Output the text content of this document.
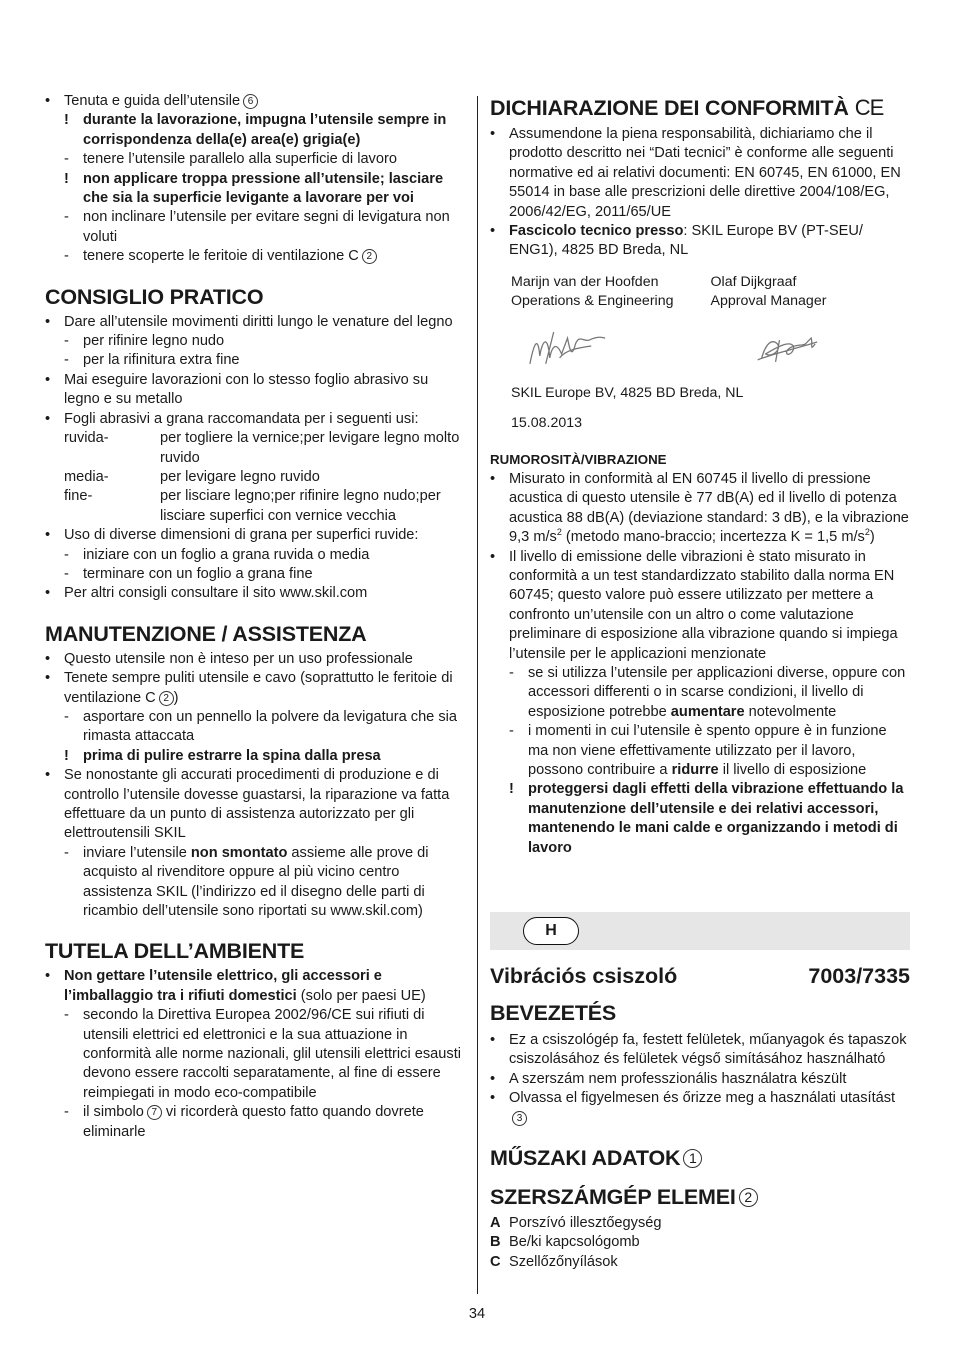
• Tenuta e guida dell’utensile 6

! durante la lavorazione, impugna l’utensile sempre in corrispondenza della(e) area(e) grigia(e)

- tenere l’utensile parallelo alla superficie di lavoro

! non applicare troppa pressione all’utensile; lasciare che sia la superficie levigante a lavorare per voi

- non inclinare l’utensile per evitare segni di levigatura non voluti

- tenere scoperte le feritoie di ventilazione C 2

CONSIGLIO PRATICO

• Dare all’utensile movimenti diritti lungo le venature del legno

- per rifinire legno nudo

- per la rifinitura extra fine

• Mai eseguire lavorazioni con lo stesso foglio abrasivo su legno e su metallo

• Fogli abrasivi a grana raccomandata per i seguenti usi:

ruvida-	per togliere la vernice;per levigare legno molto ruvido
media-	per levigare legno ruvido
fine-	per lisciare legno;per rifinire legno nudo;per lisciare superfici con vernice vecchia

• Uso di diverse dimensioni di grana per superfici ruvide:

- iniziare con un foglio a grana ruvida o media

- terminare con un foglio a grana fine

• Per altri consigli consultare il sito www.skil.com

MANUTENZIONE / ASSISTENZA

• Questo utensile non è inteso per un uso professionale

• Tenete sempre puliti utensile e cavo (soprattutto le feritoie di ventilazione C 2 )

- asportare con un pennello la polvere da levigatura che sia rimasta attaccata

! prima di pulire estrarre la spina dalla presa

• Se nonostante gli accurati procedimenti di produzione e di controllo l’utensile dovesse guastarsi, la riparazione va fatta effettuare da un punto di assistenza autorizzato per gli elettroutensili SKIL

- inviare l’utensile non smontato assieme alle prove di acquisto al rivenditore oppure al più vicino centro assistenza SKIL (l’indirizzo ed il disegno delle parti di ricambio dell’utensile sono riportati su www.skil.com)

TUTELA DELL’AMBIENTE

• Non gettare l’utensile elettrico, gli accessori e l’imballaggio tra i rifiuti domestici (solo per paesi UE)

- secondo la Direttiva Europea 2002/96/CE sui rifiuti di utensili elettrici ed elettronici e la sua attuazione in conformità alle norme nazionali, glil utensili elettrici esausti devono essere raccolti separatamente, al fine di essere reimpiegati in modo eco-compatibile

- il simbolo 7 vi ricorderà questo fatto quando dovrete eliminarle

DICHIARAZIONE DEI CONFORMITÀ CE

• Assumendone la piena responsabilità, dichiariamo che il prodotto descritto nei “Dati tecnici” è conforme alle seguenti normative ed ai relativi documenti: EN 60745, EN 61000, EN 55014 in base alle prescrizioni delle direttive 2004/108/EG, 2006/42/EG, 2011/65/UE

• Fascicolo tecnico presso: SKIL Europe BV (PT-SEU/ ENG1), 4825 BD Breda, NL

Marijn van der Hoofden
Operations & Engineering
Olaf Dijkgraaf
Approval Manager

SKIL Europe BV, 4825 BD Breda, NL

15.08.2013

RUMOROSITÀ/VIBRAZIONE

• Misurato in conformità al EN 60745 il livello di pressione acustica di questo utensile è 77 dB(A) ed il livello di potenza acustica 88 dB(A) (deviazione standard: 3 dB), e la vibrazione 9,3 $m/s^2$ (metodo mano-braccio; incertezza K = 1,5 $m/s^2$)

• Il livello di emissione delle vibrazioni è stato misurato in conformità a un test standardizzato stabilito dalla norma EN 60745; questo valore può essere utilizzato per mettere a confronto un’utensile con un altro o come valutazione preliminare di esposizione alla vibrazione quando si impiega l’utensile per le applicazioni menzionate

- se si utilizza l’utensile per applicazioni diverse, oppure con accessori differenti o in scarse condizioni, il livello di esposizione potrebbe aumentare notevolmente

- i momenti in cui l’utensile è spento oppure è in funzione ma non viene effettivamente utilizzato per il lavoro, possono contribuire a ridurre il livello di esposizione

! proteggersi dagli effetti della vibrazione effettuando la manutenzione dell’utensile e dei relativi accessori, mantenendo le mani calde e organizzando i metodi di lavoro

H
Vibrációs csiszoló	7003/7335
BEVEZETÉS

• Ez a csiszológép fa, festett felületek, műanyagok és tapaszok csiszolásához és felületek végső simításához használható

• A szerszám nem professzionális használatra készült

• Olvassa el figyelmesen és őrizze meg a használati utasítást3

MŰSZAKI ADATOK 1
SZERSZÁMGÉP ELEMEI 2
A Porszívó illesztőegység
B Be/ki kapcsológomb
C Szellőzőnyílások
34
